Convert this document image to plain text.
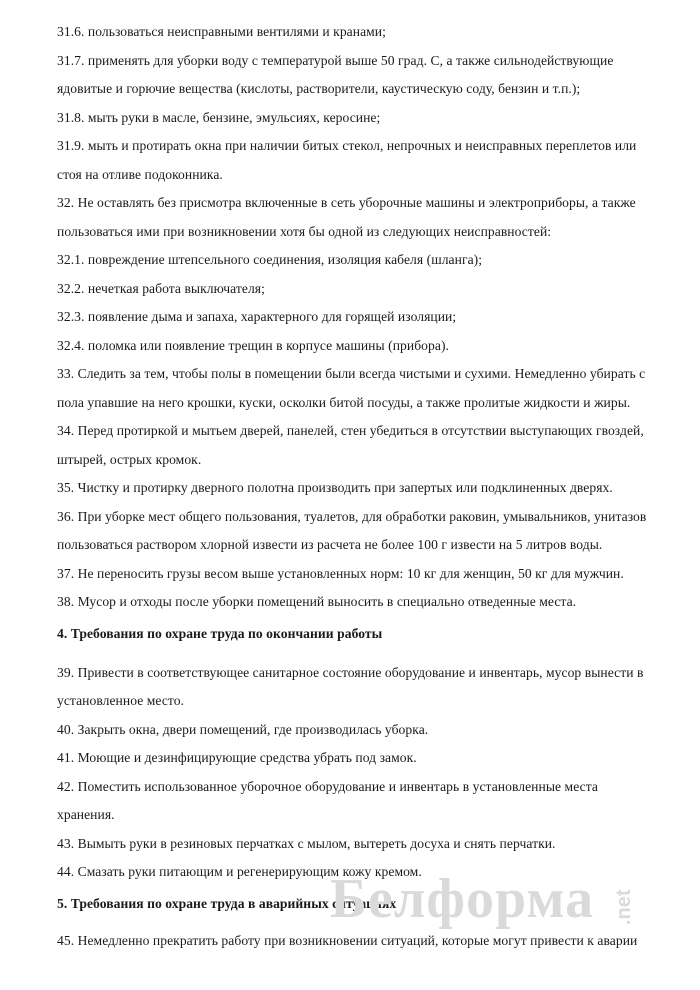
31.6. пользоваться неисправными вентилями и кранами;
31.7. применять для уборки воду с температурой выше 50 град. С, а также сильнодействующие
ядовитые и горючие вещества (кислоты, растворители, каустическую соду, бензин и т.п.);
31.8. мыть руки в масле, бензине, эмульсиях, керосине;
31.9. мыть и протирать окна при наличии битых стекол, непрочных и неисправных переплетов или
стоя на отливе подоконника.
32. Не оставлять без присмотра включенные в сеть уборочные машины и электроприборы, а также
пользоваться ими при возникновении хотя бы одной из следующих неисправностей:
32.1. повреждение штепсельного соединения, изоляция кабеля (шланга);
32.2. нечеткая работа выключателя;
32.3. появление дыма и запаха, характерного для горящей изоляции;
32.4. поломка или появление трещин в корпусе машины (прибора).
33. Следить за тем, чтобы полы в помещении были всегда чистыми и сухими. Немедленно убирать с
пола упавшие на него крошки, куски, осколки битой посуды, а также пролитые жидкости и жиры.
34. Перед протиркой и мытьем дверей, панелей, стен убедиться в отсутствии выступающих гвоздей,
штырей, острых кромок.
35. Чистку и протирку дверного полотна производить при запертых или подклиненных дверях.
36. При уборке мест общего пользования, туалетов, для обработки раковин, умывальников, унитазов
пользоваться раствором хлорной извести из расчета не более 100 г извести на 5 литров воды.
37. Не переносить грузы весом выше установленных норм: 10 кг для женщин, 50 кг для мужчин.
38. Мусор и отходы после уборки помещений выносить в специально отведенные места.
4. Требования по охране труда по окончании работы
39. Привести в соответствующее санитарное состояние оборудование и инвентарь, мусор вынести в
установленное место.
40. Закрыть окна, двери помещений, где производилась уборка.
41. Моющие и дезинфицирующие средства убрать под замок.
42. Поместить использованное уборочное оборудование и инвентарь в установленные места
хранения.
43. Вымыть руки в резиновых перчатках с мылом, вытереть досуха и снять перчатки.
44. Смазать руки питающим и регенерирующим кожу кремом.
5. Требования по охране труда в аварийных ситуациях
45. Немедленно прекратить работу при возникновении ситуаций, которые могут привести к аварии
Белформа .net
